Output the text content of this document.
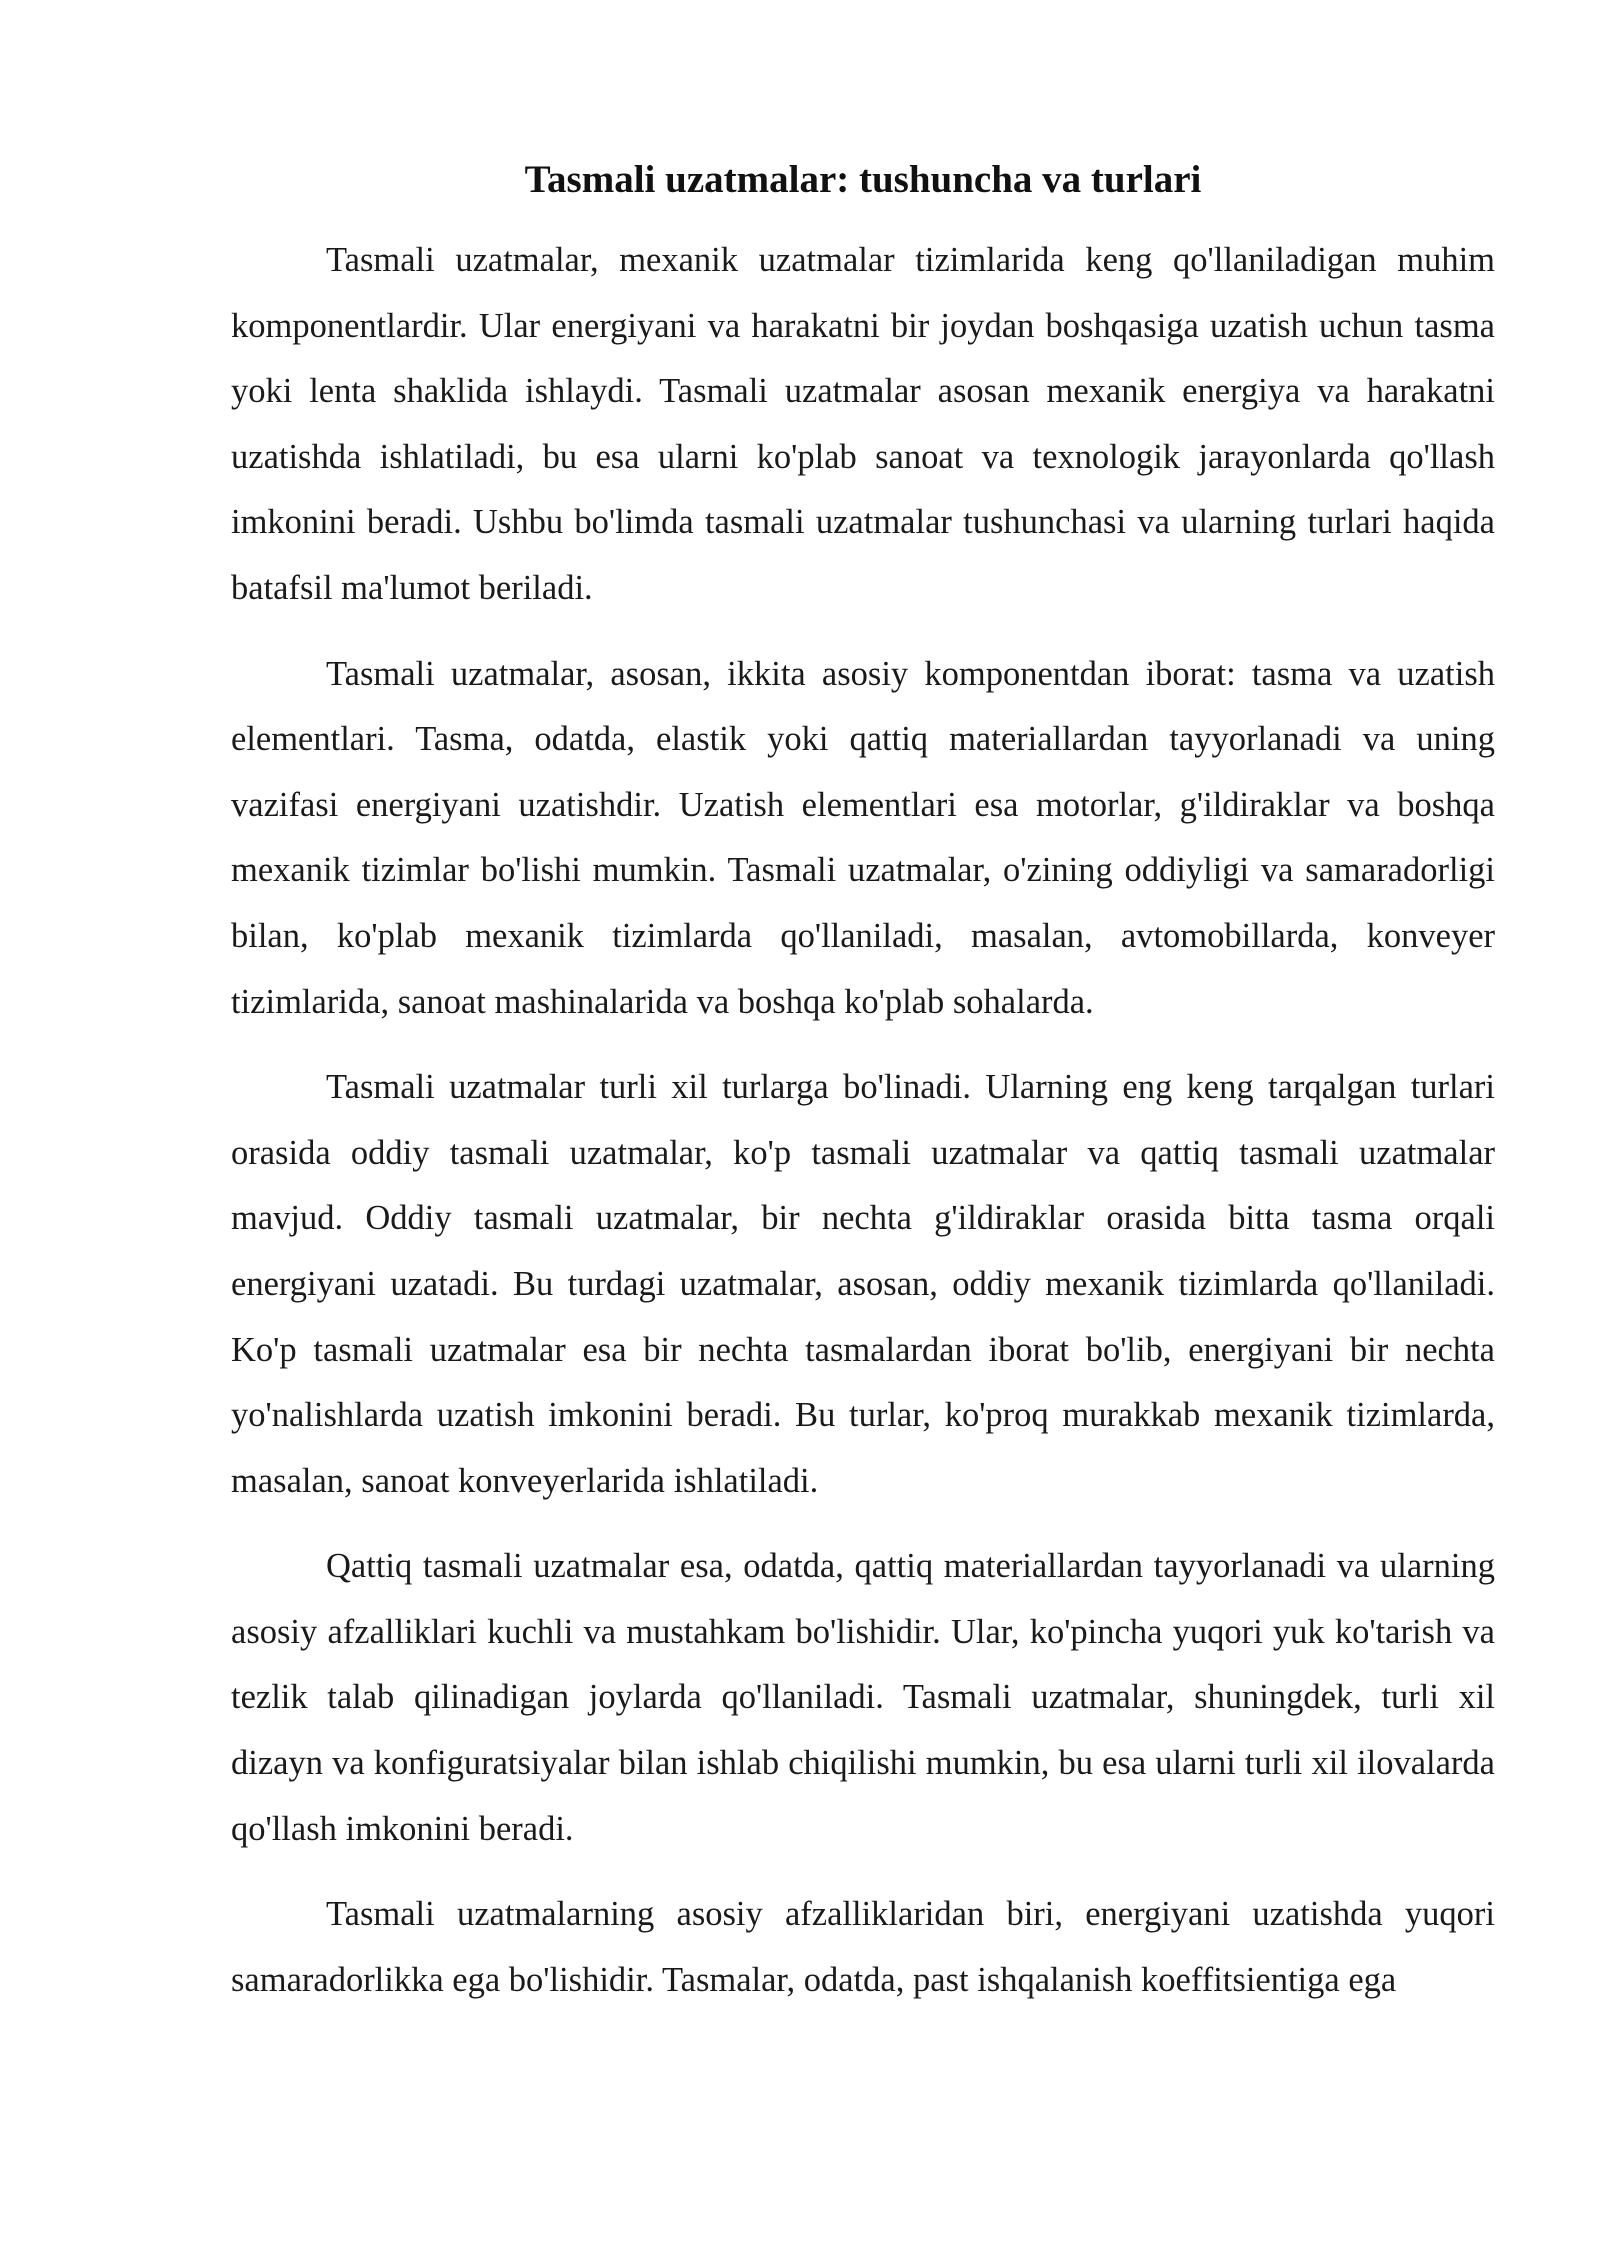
Tasmali uzatmalar: tushuncha va turlari

Tasmali uzatmalar, mexanik uzatmalar tizimlarida keng qo'llaniladigan muhim komponentlardir. Ular energiyani va harakatni bir joydan boshqasiga uzatish uchun tasma yoki lenta shaklida ishlaydi. Tasmali uzatmalar asosan mexanik energiya va harakatni uzatishda ishlatiladi, bu esa ularni ko'plab sanoat va texnologik jarayonlarda qo'llash imkonini beradi. Ushbu bo'limda tasmali uzatmalar tushunchasi va ularning turlari haqida batafsil ma'lumot beriladi.

Tasmali uzatmalar, asosan, ikkita asosiy komponentdan iborat: tasma va uzatish elementlari. Tasma, odatda, elastik yoki qattiq materiallardan tayyorlanadi va uning vazifasi energiyani uzatishdir. Uzatish elementlari esa motorlar, g'ildiraklar va boshqa mexanik tizimlar bo'lishi mumkin. Tasmali uzatmalar, o'zining oddiyligi va samaradorligi bilan, ko'plab mexanik tizimlarda qo'llaniladi, masalan, avtomobillarda, konveyer tizimlarida, sanoat mashinalarida va boshqa ko'plab sohalarda.

Tasmali uzatmalar turli xil turlarga bo'linadi. Ularning eng keng tarqalgan turlari orasida oddiy tasmali uzatmalar, ko'p tasmali uzatmalar va qattiq tasmali uzatmalar mavjud. Oddiy tasmali uzatmalar, bir nechta g'ildiraklar orasida bitta tasma orqali energiyani uzatadi. Bu turdagi uzatmalar, asosan, oddiy mexanik tizimlarda qo'llaniladi. Ko'p tasmali uzatmalar esa bir nechta tasmalardan iborat bo'lib, energiyani bir nechta yo'nalishlarda uzatish imkonini beradi. Bu turlar, ko'proq murakkab mexanik tizimlarda, masalan, sanoat konveyerlarida ishlatiladi.

Qattiq tasmali uzatmalar esa, odatda, qattiq materiallardan tayyorlanadi va ularning asosiy afzalliklari kuchli va mustahkam bo'lishidir. Ular, ko'pincha yuqori yuk ko'tarish va tezlik talab qilinadigan joylarda qo'llaniladi. Tasmali uzatmalar, shuningdek, turli xil dizayn va konfiguratsiyalar bilan ishlab chiqilishi mumkin, bu esa ularni turli xil ilovalarda qo'llash imkonini beradi.

Tasmali uzatmalarning asosiy afzalliklaridan biri, energiyani uzatishda yuqori samaradorlikka ega bo'lishidir. Tasmalar, odatda, past ishqalanish koeffitsientiga ega
